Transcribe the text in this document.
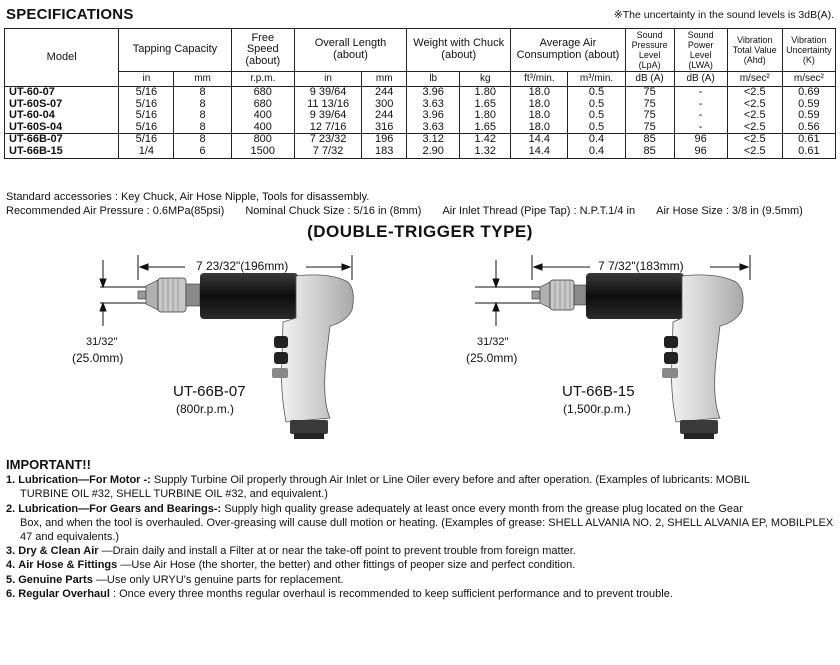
SPECIFICATIONS	※The uncertainty in the sound levels is 3dB(A).
Model	Tapping Capacity		Free Speed (about)	Overall Length (about)		Weight with Chuck (about)		Average Air Consumption (about)		Sound
Pressure Level
(LpA)	Sound
Power Level
(LWA)	Vibration
Total Value
(Ahd)	Vibration
Uncertainty
(K)

	in	mm	r.p.m.	in	mm	lb	kg	ft³/min.	m³/min.	dB (A)	dB (A)	m/sec²	m/sec²
UT-60-07	5/16	8	680	9 39/64	244	3.96	1.80	18.0	0.5	75	-	<2.5	0.69
UT-60S-07	5/16	8	680	11 13/16	300	3.63	1.65	18.0	0.5	75	-	<2.5	0.59
UT-60-04	5/16	8	400	9 39/64	244	3.96	1.80	18.0	0.5	75	-	<2.5	0.59
UT-60S-04	5/16	8	400	12 7/16	316	3.63	1.65	18.0	0.5	75	-	<2.5	0.56
UT-66B-07	5/16	8	800	7 23/32	196	3.12	1.42	14.4	0.4	85	96	<2.5	0.61
UT-66B-15	1/4	6	1500	7 7/32	183	2.90	1.32	14.4	0.4	85	96	<2.5	0.61
Standard accessories : Key Chuck, Air Hose Nipple, Tools for disassembly.
Recommended Air Pressure : 0.6MPa(85psi) Nominal Chuck Size : 5/16 in (8mm) Air Inlet Thread (Pipe Tap) : N.P.T.1/4 in Air Hose Size : 3/8 in (9.5mm)
(DOUBLE-TRIGGER TYPE)
7 23/32"(196mm)
31/32"
(25.0mm)
UT-66B-07
(800r.p.m.)
7 7/32"(183mm)
31/32"
(25.0mm)
UT-66B-15
(1,500r.p.m.)
IMPORTANT!!
1. Lubrication—For Motor -: Supply Turbine Oil properly through Air Inlet or Line Oiler every before and after operation. (Examples of lubricants: MOBIL
TURBINE OIL #32, SHELL TURBINE OIL #32, and equivalent.)
2. Lubrication—For Gears and Bearings-: Supply high quality grease adequately at least once every month from the grease plug located on the Gear
Box, and when the tool is overhauled. Over-greasing will cause dull motion or heating. (Examples of grease: SHELL ALVANIA NO. 2, SHELL ALVANIA EP, MOBILPLEX 47 and equivalents.)
3. Dry & Clean Air —Drain daily and install a Filter at or near the take-off point to prevent trouble from foreign matter.
4. Air Hose & Fittings —Use Air Hose (the shorter, the better) and other fittings of peoper size and perfect condition.
5. Genuine Parts —Use only URYU's genuine parts for replacement.
6. Regular Overhaul : Once every three months regular overhaul is recommended to keep sufficient performance and to prevent trouble.
